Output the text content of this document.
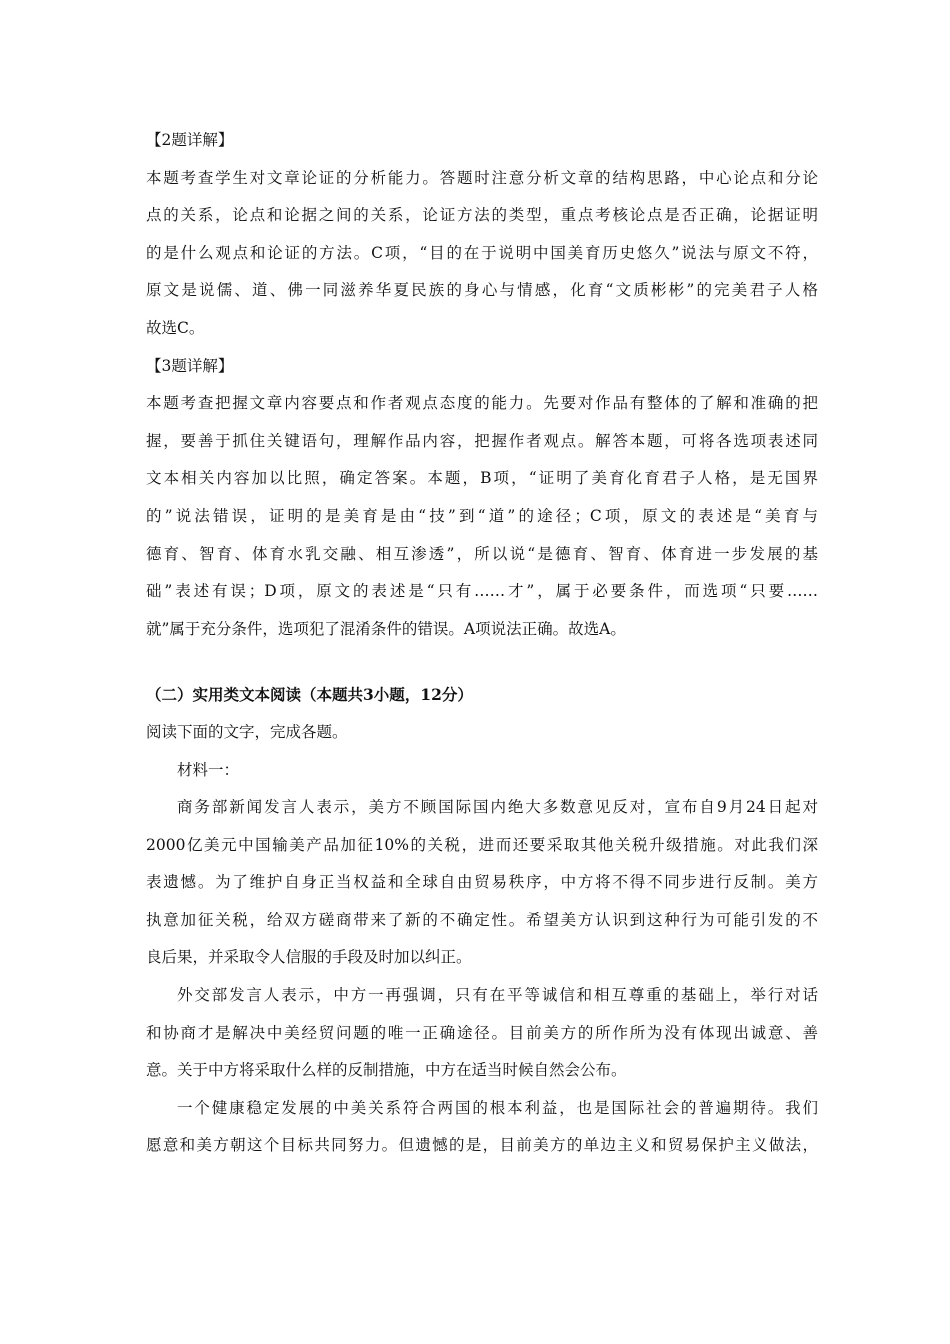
【2题详解】
本题考查学生对文章论证的分析能力。答题时注意分析文章的结构思路，中心论点和分论
点的关系，论点和论据之间的关系，论证方法的类型，重点考核论点是否正确，论据证明
的是什么观点和论证的方法。C项，“目的在于说明中国美育历史悠久”说法与原文不符，
原文是说儒、道、佛一同滋养华夏民族的身心与情感，化育“文质彬彬”的完美君子人格
故选C。
【3题详解】
本题考查把握文章内容要点和作者观点态度的能力。先要对作品有整体的了解和准确的把
握，要善于抓住关键语句，理解作品内容，把握作者观点。解答本题，可将各选项表述同
文本相关内容加以比照，确定答案。本题，B项，“证明了美育化育君子人格，是无国界
的”说法错误，证明的是美育是由“技”到“道”的途径；C项，原文的表述是“美育与
德育、智育、体育水乳交融、相互渗透”，所以说“是德育、智育、体育进一步发展的基
础”表述有误；D项，原文的表述是“只有……才”，属于必要条件，而选项“只要……
就”属于充分条件，选项犯了混淆条件的错误。A项说法正确。故选A。
（二）实用类文本阅读（本题共3小题，12分）
阅读下面的文字，完成各题。
材料一：
商务部新闻发言人表示，美方不顾国际国内绝大多数意见反对，宣布自9月24日起对
2000亿美元中国输美产品加征10%的关税，进而还要采取其他关税升级措施。对此我们深
表遗憾。为了维护自身正当权益和全球自由贸易秩序，中方将不得不同步进行反制。美方
执意加征关税，给双方磋商带来了新的不确定性。希望美方认识到这种行为可能引发的不
良后果，并采取令人信服的手段及时加以纠正。
外交部发言人表示，中方一再强调，只有在平等诚信和相互尊重的基础上，举行对话
和协商才是解决中美经贸问题的唯一正确途径。目前美方的所作所为没有体现出诚意、善
意。关于中方将采取什么样的反制措施，中方在适当时候自然会公布。
一个健康稳定发展的中美关系符合两国的根本利益，也是国际社会的普遍期待。我们
愿意和美方朝这个目标共同努力。但遗憾的是，目前美方的单边主义和贸易保护主义做法，
